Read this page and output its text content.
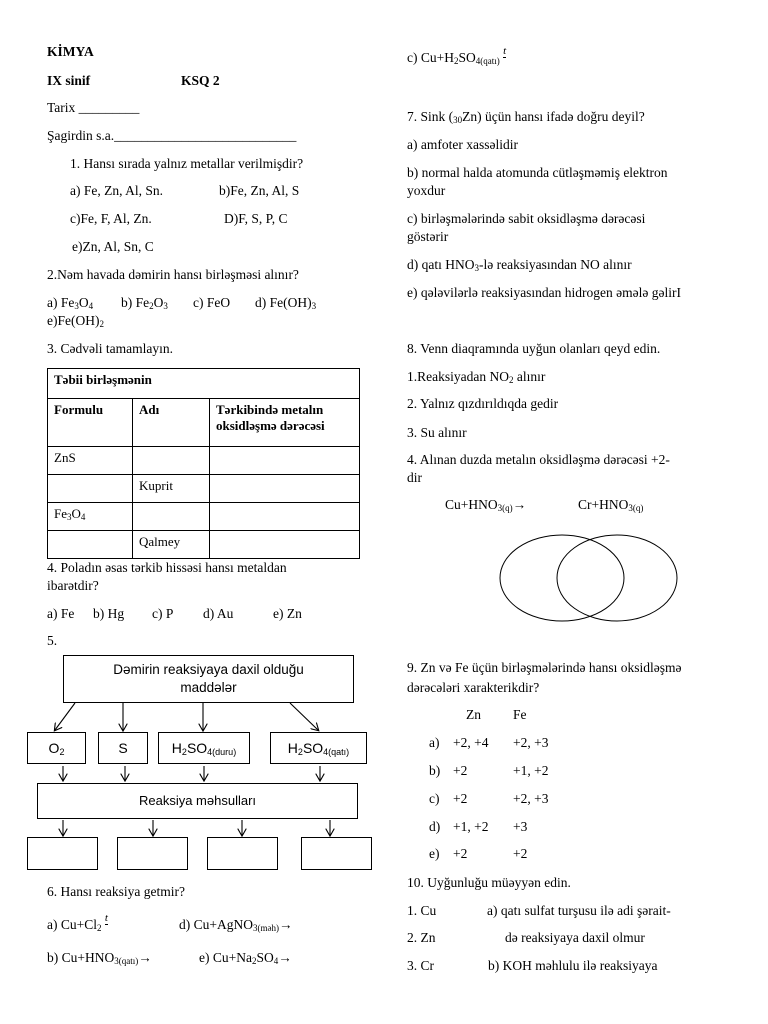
KİMYA
IX sinif	KSQ 2
Tarix _________
Şagirdin s.a.___________________________
1. Hansı sırada yalnız metallar verilmişdir?
a) Fe, Zn, Al, Sn.	b)Fe, Zn, Al, S
c)Fe, F, Al, Zn.	D)F, S, P, C
e)Zn, Al, Sn, C
2.Nəm havada dəmirin hansı birləşməsi alınır?
a) $Fe_3O_4$ b) $Fe_2O_3$ c) FeO d) $Fe(OH)_3$
$e)Fe(OH)_2$
3. Cədvəli tamamlayın.
Təbii birləşmənin		
Formulu	Adı	Tərkibində metalın oksidləşmə dərəcəsi
ZnS		
	Kuprit	
$Fe_3O_4$		
	Qalmey	
4. Poladın əsas tərkib hissəsi hansı metaldan
ibarətdir?
a) Fe b) Hg c) P d) Au	e) Zn
5.
Dəmirin reaksiyaya daxil olduğu
maddələr
$O_2$	S	$H_2SO_{4(duru)}$	$H_2SO_{4(qatı)}$
Reaksiya məhsulları
6. Hansı reaksiya getmir?
a) $Cu+Cl_2$ $^t$	d) Cu+AgNO$_{3(məh)}$→
b) $Cu+HNO_{3(qatı)}\to$	e) $Cu+Na_2SO_4\to$
c) $Cu+H_2SO_{4(qatı)}$ $^t$
7. Sink $(_{30}Zn)$ üçün hansı ifadə doğru deyil?
a) amfoter xassəlidir
b) normal halda atomunda cütləşməmiş elektron
yoxdur
c) birləşmələrində sabit oksidləşmə dərəcəsi
göstərir
d) qatı $HNO_3-lə$ reaksiyasından NO alınır
e) qələvilərlə reaksiyasından hidrogen əmələ gəlirI
8. Venn diaqramında uyğun olanları qeyd edin.
1.Reaksiyadan $NO_2$ alınır
2. Yalnız qızdırıldıqda gedir
3. Su alınır
4. Alınan duzda metalın oksidləşmə dərəcəsi +2-
dir
$Cu+HNO_{3(q)}\to$	$Cr+HNO_{3(q)}$
9. Zn və Fe üçün birləşmələrində hansı oksidləşmə
dərəcələri xarakterikdir?
Zn Fe
a) +2, +4 +2, +3
b) +2	+1, +2
c) +2	+2, +3
d) +1, +2 +3
e) +2	+2
10. Uyğunluğu müəyyən edin.
1. Cu	a) qatı sulfat turşusu ilə adi şərait-
2. Zn	də reaksiyaya daxil olmur
3. Cr	b) KOH məhlulu ilə reaksiyaya
